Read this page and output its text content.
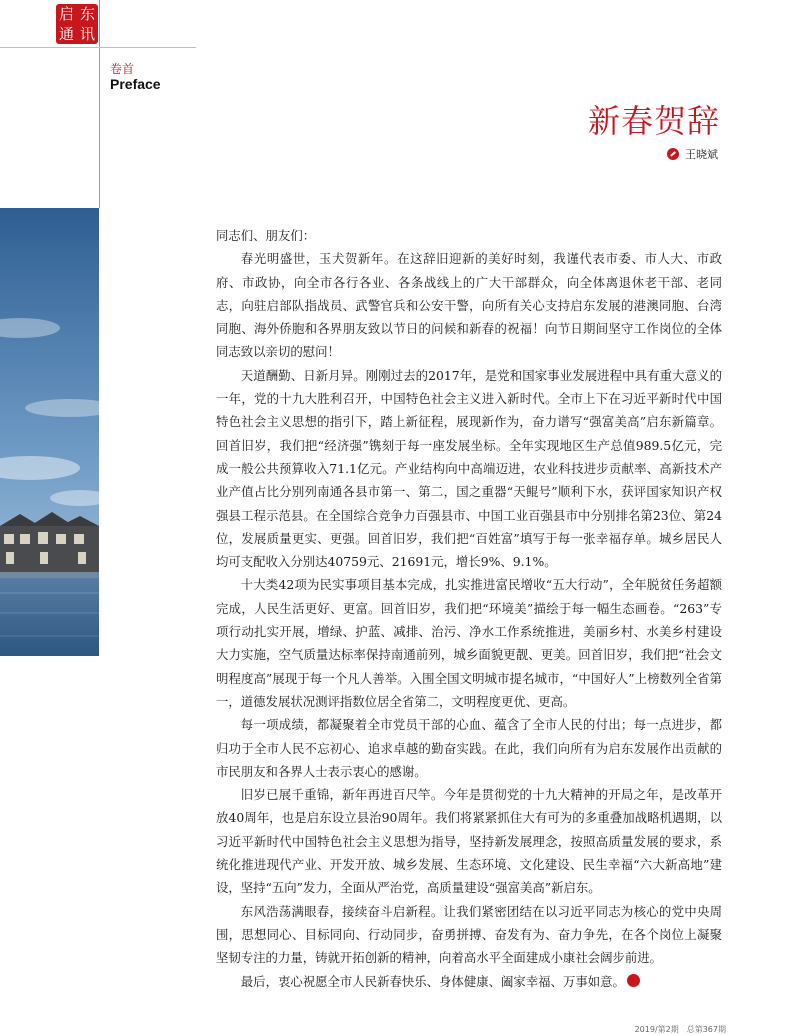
启 东
通 讯
卷首
Preface
新春贺辞
王晓斌

同志们、朋友们：

春光明盛世，玉犬贺新年。在这辞旧迎新的美好时刻，我谨代表市委、市人大、市政府、市政协，向全市各行各业、各条战线上的广大干部群众，向全体离退休老干部、老同志，向驻启部队指战员、武警官兵和公安干警，向所有关心支持启东发展的港澳同胞、台湾同胞、海外侨胞和各界朋友致以节日的问候和新春的祝福！向节日期间坚守工作岗位的全体同志致以亲切的慰问！

天道酬勤、日新月异。刚刚过去的2017年，是党和国家事业发展进程中具有重大意义的一年，党的十九大胜利召开，中国特色社会主义进入新时代。全市上下在习近平新时代中国特色社会主义思想的指引下，踏上新征程，展现新作为，奋力谱写“强富美高”启东新篇章。回首旧岁，我们把“经济强”镌刻于每一座发展坐标。全年实现地区生产总值989.5亿元，完成一般公共预算收入71.1亿元。产业结构向中高端迈进，农业科技进步贡献率、高新技术产业产值占比分别列南通各县市第一、第二，国之重器“天鲲号”顺利下水，获评国家知识产权强县工程示范县。在全国综合竞争力百强县市、中国工业百强县市中分别排名第23位、第24位，发展质量更实、更强。回首旧岁，我们把“百姓富”填写于每一张幸福存单。城乡居民人均可支配收入分别达40759元、21691元，增长9%、9.1%。

十大类42项为民实事项目基本完成，扎实推进富民增收“五大行动”，全年脱贫任务超额完成，人民生活更好、更富。回首旧岁，我们把“环境美”描绘于每一幅生态画卷。“263”专项行动扎实开展，增绿、护蓝、减排、治污、净水工作系统推进，美丽乡村、水美乡村建设大力实施，空气质量达标率保持南通前列，城乡面貌更靓、更美。回首旧岁，我们把“社会文明程度高”展现于每一个凡人善举。入围全国文明城市提名城市，“中国好人”上榜数列全省第一，道德发展状况测评指数位居全省第二，文明程度更优、更高。

每一项成绩，都凝聚着全市党员干部的心血、蕴含了全市人民的付出；每一点进步，都归功于全市人民不忘初心、追求卓越的勤奋实践。在此，我们向所有为启东发展作出贡献的市民朋友和各界人士表示衷心的感谢。

旧岁已展千重锦，新年再进百尺竿。今年是贯彻党的十九大精神的开局之年，是改革开放40周年，也是启东设立县治90周年。我们将紧紧抓住大有可为的多重叠加战略机遇期，以习近平新时代中国特色社会主义思想为指导，坚持新发展理念，按照高质量发展的要求，系统化推进现代产业、开发开放、城乡发展、生态环境、文化建设、民生幸福“六大新高地”建设，坚持“五向”发力，全面从严治党，高质量建设“强富美高”新启东。

东风浩荡满眼春，接续奋斗启新程。让我们紧密团结在以习近平同志为核心的党中央周围，思想同心、目标同向、行动同步，奋勇拼搏、奋发有为、奋力争先，在各个岗位上凝聚坚韧专注的力量，铸就开拓创新的精神，向着高水平全面建成小康社会阔步前进。

最后，衷心祝愿全市人民新春快乐、身体健康、阖家幸福、万事如意。

2019/第2期　总第367期
